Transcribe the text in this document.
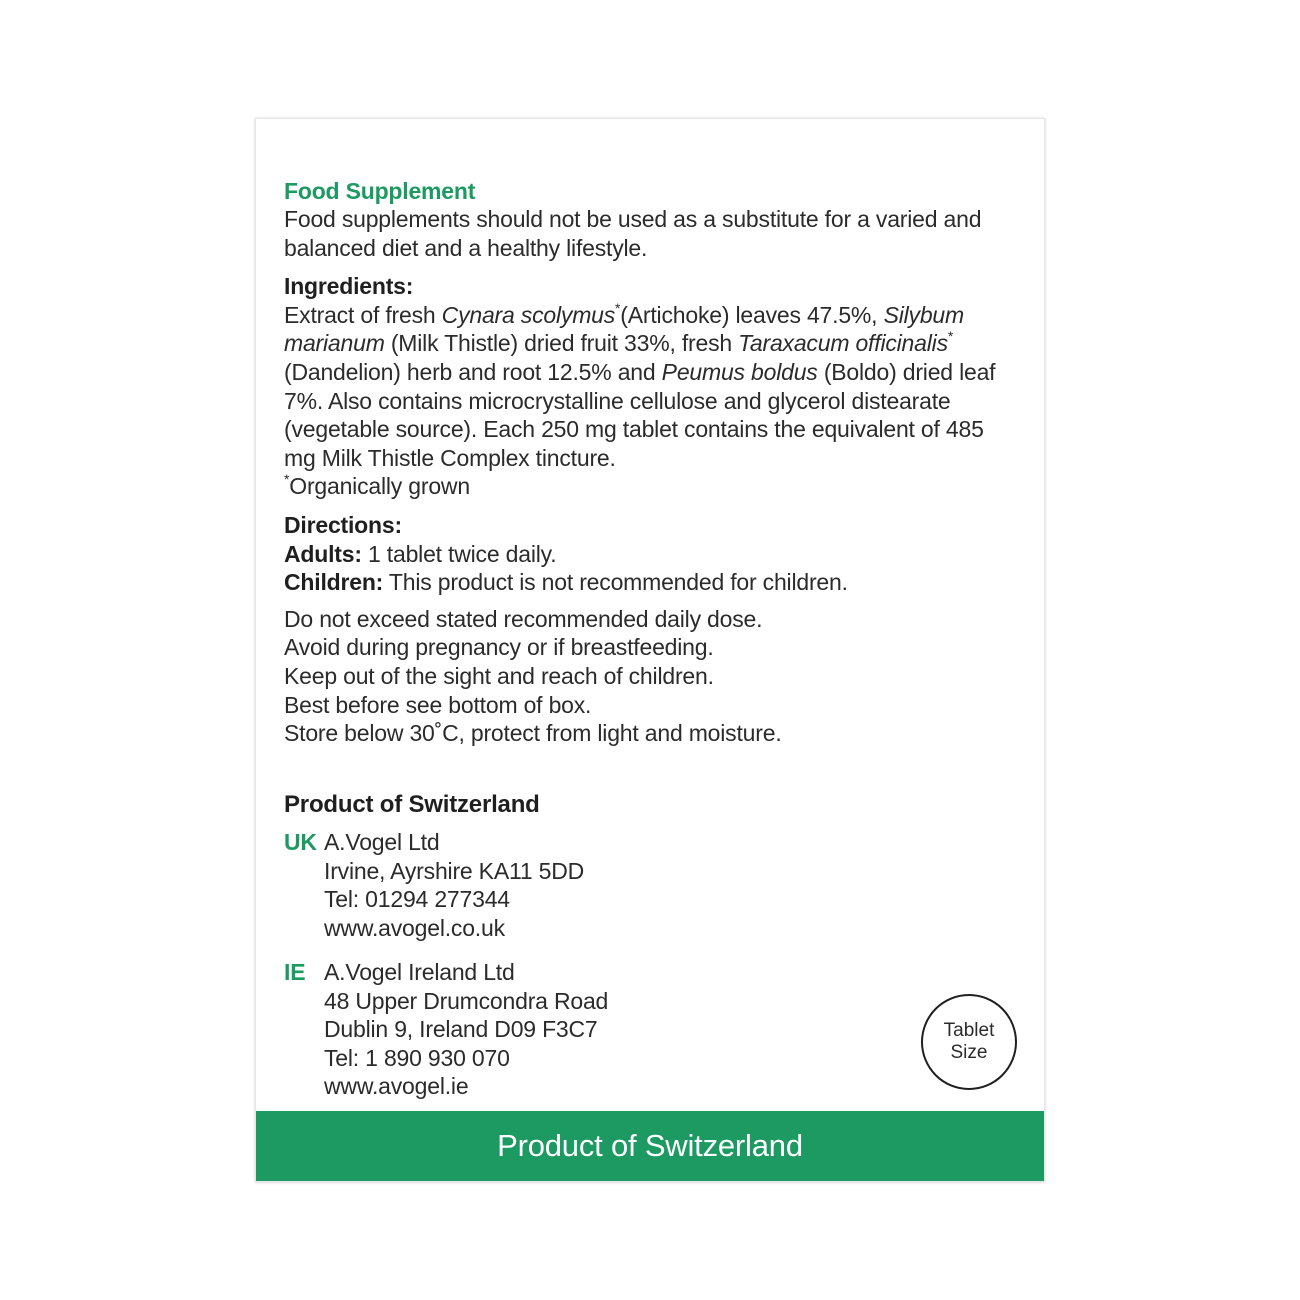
Food Supplement

Food supplements should not be used as a substitute for a varied and balanced diet and a healthy lifestyle.

Ingredients:

Extract of fresh Cynara scolymus*(Artichoke) leaves 47.5%, Silybum marianum (Milk Thistle) dried fruit 33%, fresh Taraxacum officinalis* (Dandelion) herb and root 12.5% and Peumus boldus (Boldo) dried leaf 7%. Also contains microcrystalline cellulose and glycerol distearate (vegetable source). Each 250 mg tablet contains the equivalent of 485 mg Milk Thistle Complex tincture.

*Organically grown

Directions:

Adults: 1 tablet twice daily.

Children: This product is not recommended for children.

Do not exceed stated recommended daily dose.
Avoid during pregnancy or if breastfeeding.
Keep out of the sight and reach of children.
Best before see bottom of box.
Store below 30˚C, protect from light and moisture.
Product of Switzerland
UK A.Vogel Ltd
Irvine, Ayrshire KA11 5DD
Tel: 01294 277344
www.avogel.co.uk
IE A.Vogel Ireland Ltd
48 Upper Drumcondra Road
Dublin 9, Ireland D09 F3C7
Tel: 1 890 930 070
www.avogel.ie
Tablet
Size
Product of Switzerland
